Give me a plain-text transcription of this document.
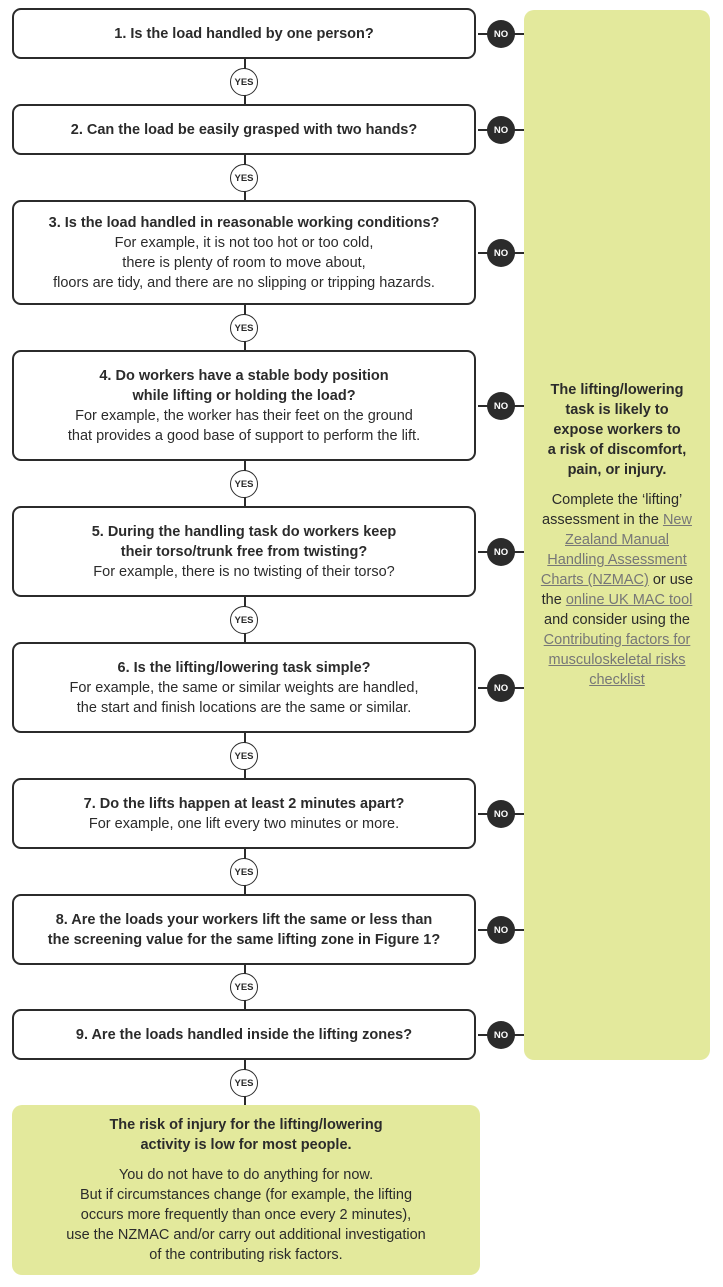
1. Is the load handled by one person?
2. Can the load be easily grasped with two hands?
3. Is the load handled in reasonable working conditions?
For example, it is not too hot or too cold,
there is plenty of room to move about,
floors are tidy, and there are no slipping or tripping hazards.
4. Do workers have a stable body position
while lifting or holding the load?
For example, the worker has their feet on the ground
that provides a good base of support to perform the lift.
5. During the handling task do workers keep
their torso/trunk free from twisting?
For example, there is no twisting of their torso?
6. Is the lifting/lowering task simple?
For example, the same or similar weights are handled,
the start and finish locations are the same or similar.
7. Do the lifts happen at least 2 minutes apart?
For example, one lift every two minutes or more.
8. Are the loads your workers lift the same or less than
the screening value for the same lifting zone in Figure 1?
9. Are the loads handled inside the lifting zones?
YES
YES
YES
YES
YES
YES
YES
YES
YES
NO
NO
NO
NO
NO
NO
NO
NO
NO
The lifting/lowering
task is likely to
expose workers to
a risk of discomfort,
pain, or injury.
Complete the ‘lifting’ assessment in the New Zealand Manual Handling Assessment Charts (NZMAC) or use the online UK MAC tool and consider using the Contributing factors for musculoskeletal risks checklist
The risk of injury for the lifting/lowering
activity is low for most people.
You do not have to do anything for now.
But if circumstances change (for example, the lifting
occurs more frequently than once every 2 minutes),
use the NZMAC and/or carry out additional investigation
of the contributing risk factors.
